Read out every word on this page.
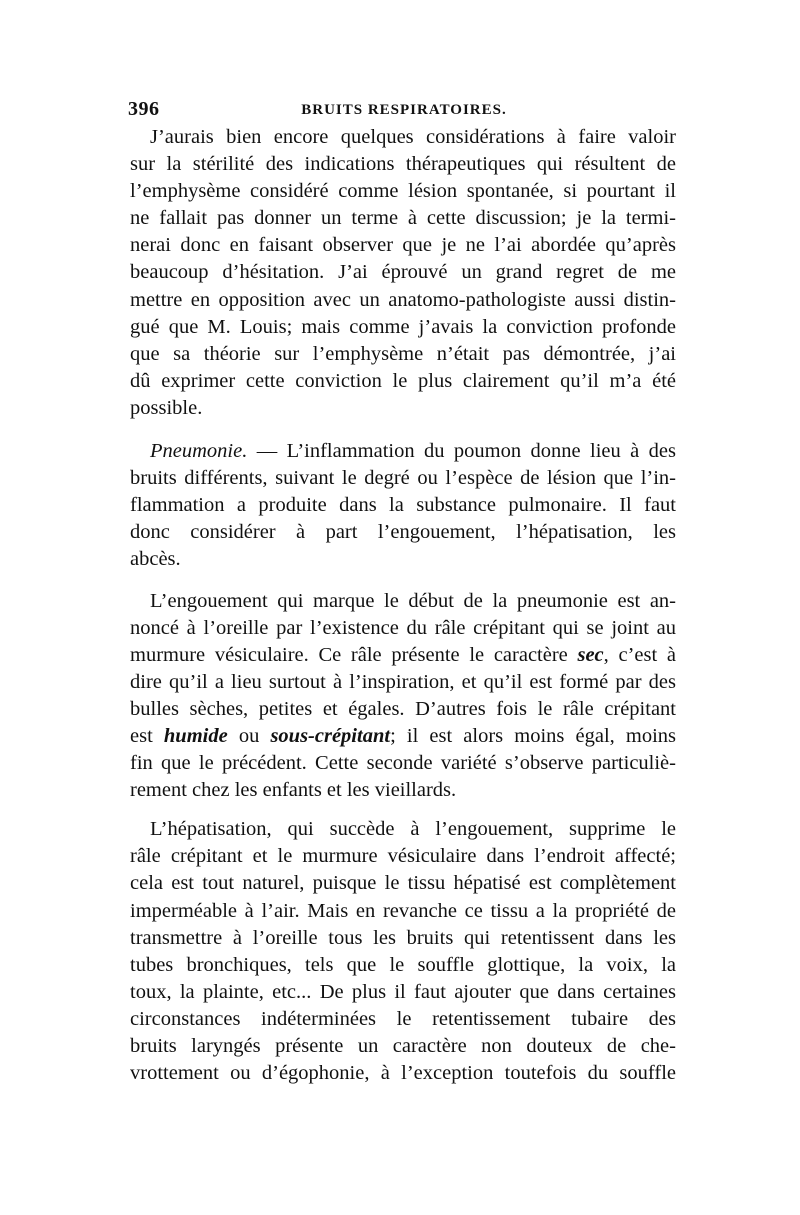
396	BRUITS RESPIRATOIRES.

J’aurais bien encore quelques considérations à faire valoir
sur la stérilité des indications thérapeutiques qui résultent de
l’emphysème considéré comme lésion spontanée, si pourtant il
ne fallait pas donner un terme à cette discussion; je la termi-
nerai donc en faisant observer que je ne l’ai abordée qu’après
beaucoup d’hésitation. J’ai éprouvé un grand regret de me
mettre en opposition avec un anatomo-pathologiste aussi distin-
gué que M. Louis; mais comme j’avais la conviction profonde
que sa théorie sur l’emphysème n’était pas démontrée, j’ai
dû exprimer cette conviction le plus clairement qu’il m’a été
possible.

Pneumonie. — L’inflammation du poumon donne lieu à des
bruits différents, suivant le degré ou l’espèce de lésion que l’in-
flammation a produite dans la substance pulmonaire. Il faut
donc considérer à part l’engouement, l’hépatisation, les
abcès.

L’engouement qui marque le début de la pneumonie est an-
noncé à l’oreille par l’existence du râle crépitant qui se joint au
murmure vésiculaire. Ce râle présente le caractère sec, c’est à
dire qu’il a lieu surtout à l’inspiration, et qu’il est formé par des
bulles sèches, petites et égales. D’autres fois le râle crépitant
est humide ou sous-crépitant; il est alors moins égal, moins
fin que le précédent. Cette seconde variété s’observe particuliè-
rement chez les enfants et les vieillards.

L’hépatisation, qui succède à l’engouement, supprime le
râle crépitant et le murmure vésiculaire dans l’endroit affecté;
cela est tout naturel, puisque le tissu hépatisé est complètement
imperméable à l’air. Mais en revanche ce tissu a la propriété de
transmettre à l’oreille tous les bruits qui retentissent dans les
tubes bronchiques, tels que le souffle glottique, la voix, la
toux, la plainte, etc... De plus il faut ajouter que dans certaines
circonstances indéterminées le retentissement tubaire des
bruits laryngés présente un caractère non douteux de che-
vrottement ou d’égophonie, à l’exception toutefois du souffle
